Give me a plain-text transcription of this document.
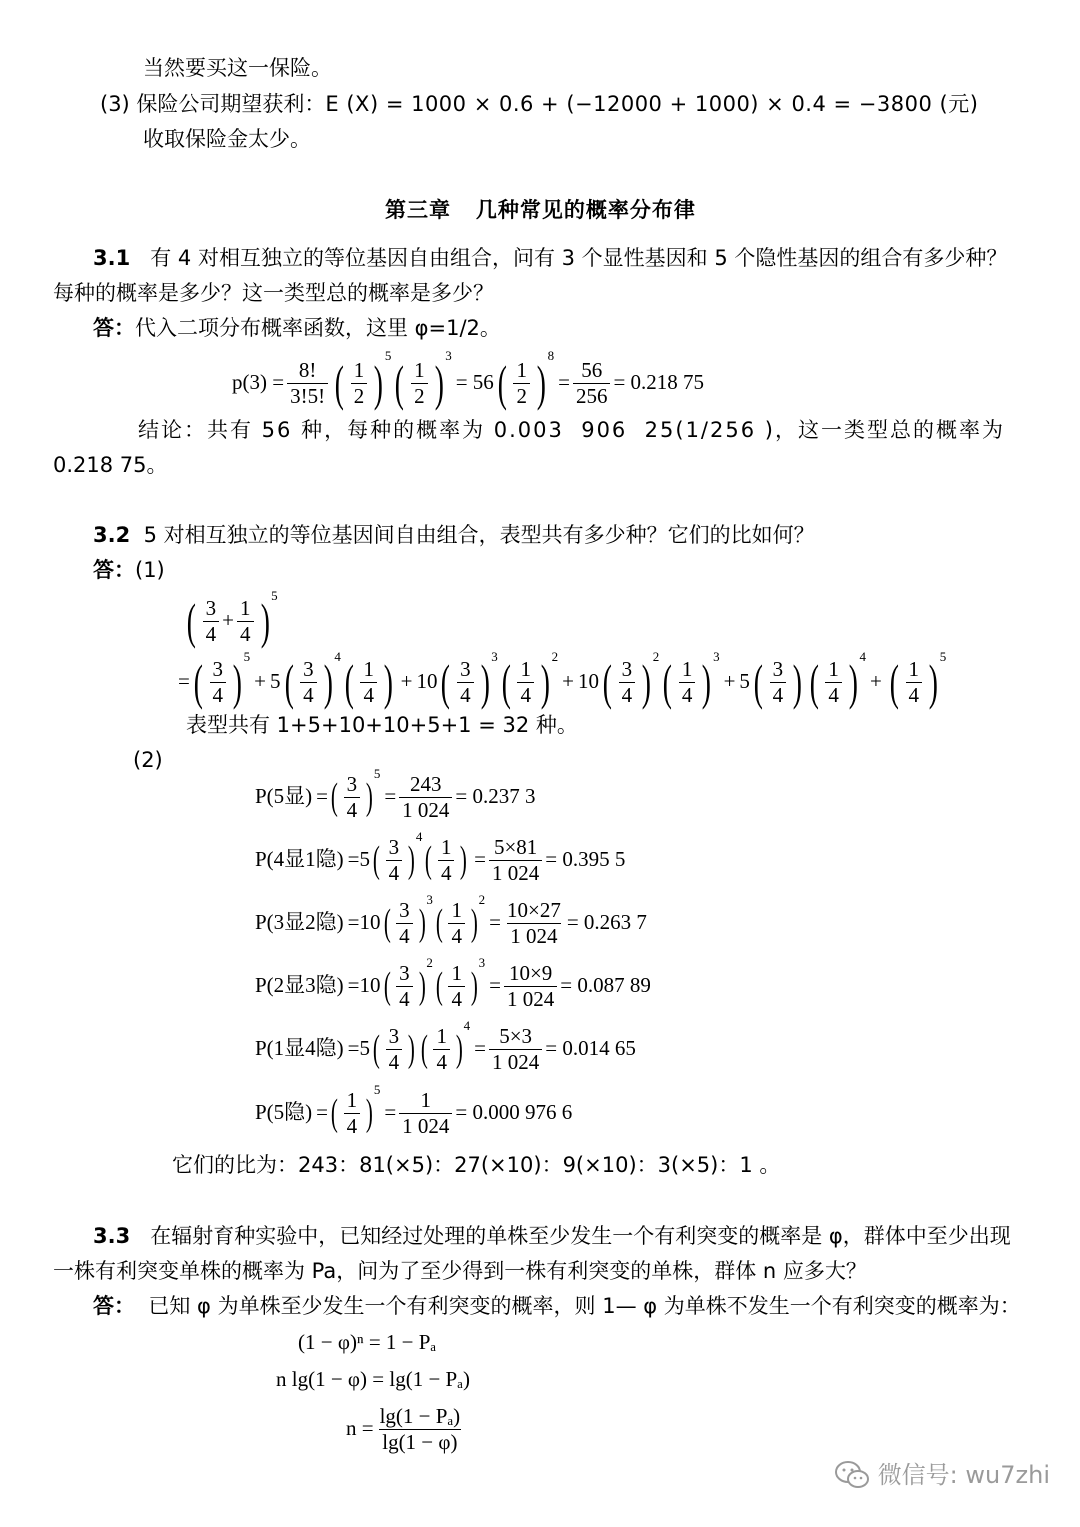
当然要买这一保险。
(3) 保险公司期望获利：E (X) = 1000 × 0.6 + (−12000 + 1000) × 0.4 = −3800 (元)
收取保险金太少。
第三章   几种常见的概率分布律
3.1 有 4 对相互独立的等位基因自由组合，问有 3 个显性基因和 5 个隐性基因的组合有多少种？
每种的概率是多少？这一类型总的概率是多少？
答：代入二项分布概率函数，这里 φ=1/2。
$p(3) = \frac{8!}{3!5!}$ ( $\frac{1}{2}$ ) 5 ( $\frac{1}{2}$ ) 3
= 56 ( $\frac{1}{2}$ ) 8
= $\frac{56}{256} = 0.218$ 75
结论：共有 56 种，每种的概率为 0.003  906  25(1/256 )，这一类型总的概率为
0.218 75。
3.2 5 对相互独立的等位基因间自由组合，表型共有多少种？它们的比如何？
答：(1)
( $\frac{3}{4} + \frac{1}{4}$ ) 5
= ( $\frac{3}{4}$ ) 5
+ 5 ( $\frac{3}{4}$ ) 4 ( $\frac{1}{4}$ ) + 10 ( $\frac{3}{4}$ ) 3 ( $\frac{1}{4}$ ) 2
+ 10 ( $\frac{3}{4}$ ) 2 ( $\frac{1}{4}$ ) 3
+ 5 ( $\frac{3}{4}$ ) ( $\frac{1}{4}$ ) 4
+ ( $\frac{1}{4}$ ) 5
表型共有 1+5+10+10+5+1 = 32 种。
(2)
P(5显) = ( $\frac{3}{4}$ )
5
= $\frac{243}{1 024} = 0.237$ 3
P(4显1隐) = 5 ( $\frac{3}{4}$ )
4
( $\frac{1}{4}$ ) = $\frac{5\times 81}{1 024} = 0.395$ 5
P(3显2隐) = 10 ( $\frac{3}{4}$ )
3
( $\frac{1}{4}$ )
2
= $\frac{10\times 27}{1 024} = 0.263$ 7
P(2显3隐) = 10 ( $\frac{3}{4}$ )
2
( $\frac{1}{4}$ )
3
= $\frac{10\times 9}{1 024} = 0.087$ 89
P(1显4隐) = 5 ( $\frac{3}{4}$ ) ( $\frac{1}{4}$ )
4
= $\frac{5\times 3}{1 024} = 0.014$ 65
P(5隐) = ( $\frac{1}{4}$ )
5
= $\frac{1}{1 024} = 0.000$ 976 6
它们的比为：243：81(×5)：27(×10)：9(×10)：3(×5)：1 。
3.3 在辐射育种实验中，已知经过处理的单株至少发生一个有利突变的概率是 φ，群体中至少出现
一株有利突变单株的概率为 Pa，问为了至少得到一株有利突变的单株，群体 n 应多大？
答： 已知 φ 为单株至少发生一个有利突变的概率，则 1— φ 为单株不发生一个有利突变的概率为：
(1 − φ)ⁿ = 1 − Pₐ
n lg(1 − φ) = lg(1 − Pₐ)
$n = \frac{\text{lg(1 − Pₐ)}}{\lg(1 - \varphi)}$
微信号: wu7zhi
